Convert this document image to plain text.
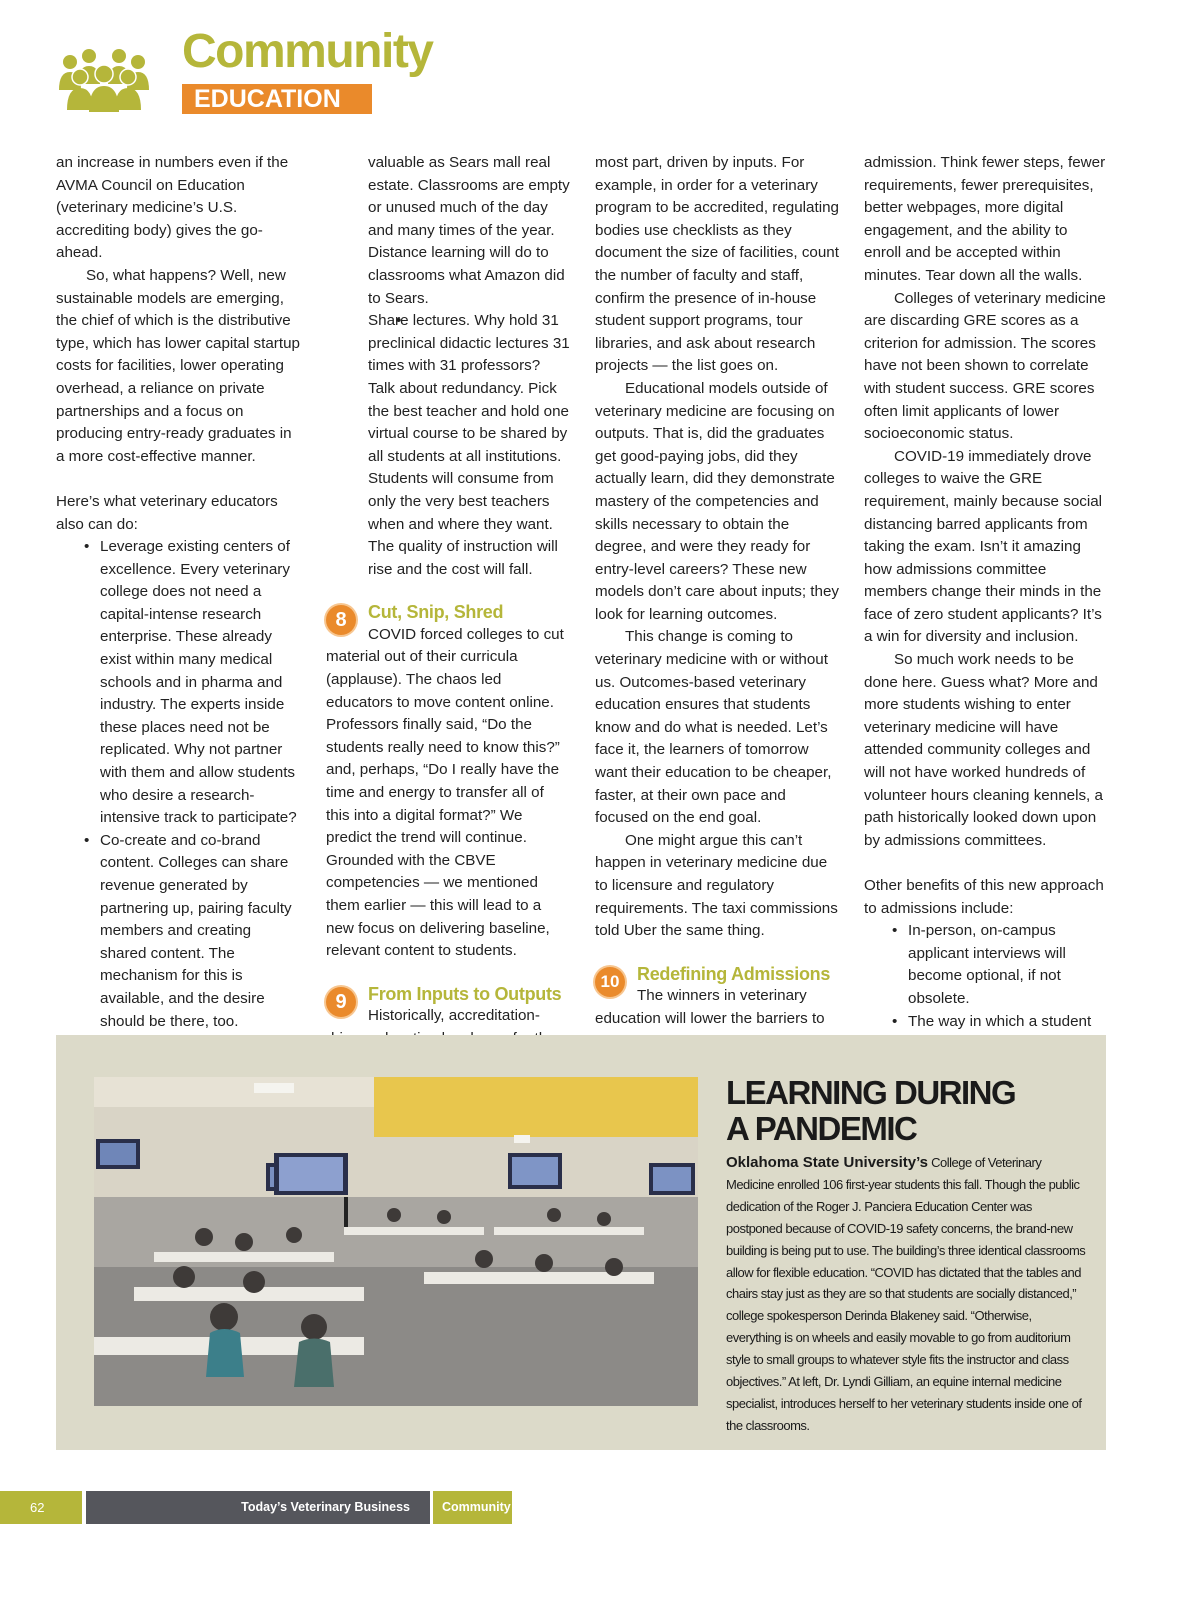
Community
EDUCATION

an increase in numbers even if the AVMA Council on Education (veterinary medicine’s U.S. accrediting body) gives the go-ahead.

So, what happens? Well, new sustainable models are emerging, the chief of which is the distributive type, which has lower capital startup costs for facilities, lower operating overhead, a reliance on private partnerships and a focus on producing entry-ready graduates in a more cost-effective manner.

Here’s what veterinary educators also can do:

• Leverage existing centers of excellence. Every veterinary college does not need a capital-intense research enterprise. These already exist within many medical schools and in pharma and industry. The experts inside these places need not be replicated. Why not partner with them and allow students who desire a research-intensive track to participate?
• Co-create and co-brand content. Colleges can share revenue generated by partnering up, pairing faculty members and creating shared content. The mechanism for this is available, and the desire should be there, too.
•

valuable as Sears mall real estate. Classrooms are empty or unused much of the day and many times of the year. Distance learning will do to classrooms what Amazon did to Sears.

• Share lectures. Why hold 31 preclinical didactic lectures 31 times with 31 professors? Talk about redundancy. Pick the best teacher and hold one virtual course to be shared by all students at all institutions. Students will consume from only the very best teachers when and where they want. The quality of instruction will rise and the cost will fall.
8	Cut, Snip, Shred

COVID forced colleges to cut material out of their curricula (applause). The chaos led educators to move content online. Professors finally said, “Do the students really need to know this?” and, perhaps, “Do I really have the time and energy to transfer all of this into a digital format?” We predict the trend will continue. Grounded with the CBVE competencies — we mentioned them earlier — this will lead to a new focus on delivering baseline, relevant content to students.

9	From Inputs to Outputs

Historically, accreditation-

most part, driven by inputs. For example, in order for a veterinary program to be accredited, regulating bodies use checklists as they document the size of facilities, count the number of faculty and staff, confirm the presence of in-house student support programs, tour libraries, and ask about research projects — the list goes on.

Educational models outside of veterinary medicine are focusing on outputs. That is, did the graduates get good-paying jobs, did they actually learn, did they demonstrate mastery of the competencies and skills necessary to obtain the degree, and were they ready for entry-level careers? These new models don’t care about inputs; they look for learning outcomes.

This change is coming to veterinary medicine with or without us. Outcomes-based veterinary education ensures that students know and do what is needed. Let’s face it, the learners of tomorrow want their education to be cheaper, faster, at their own pace and focused on the end goal.

One might argue this can’t happen in veterinary medicine due to licensure and regulatory requirements. The taxi commissions told Uber the same thing.

10 Redefining Admissions

The winners in veterinary education will lower the barriers to

admission. Think fewer steps, fewer requirements, fewer prerequisites, better webpages, more digital engagement, and the ability to enroll and be accepted within minutes. Tear down all the walls.

Colleges of veterinary medicine are discarding GRE scores as a criterion for admission. The scores have not been shown to correlate with student success. GRE scores often limit applicants of lower socioeconomic status.

COVID-19 immediately drove colleges to waive the GRE requirement, mainly because social distancing barred applicants from taking the exam. Isn’t it amazing how admissions committee members change their minds in the face of zero student applicants? It’s a win for diversity and inclusion.

So much work needs to be done here. Guess what? More and more students wishing to enter veterinary medicine will have attended community colleges and will not have worked hundreds of volunteer hours cleaning kennels, a path historically looked down upon by admissions committees.

Other benefits of this new approach to admissions include:

• In-person, on-campus applicant interviews will become optional, if not obsolete.
• The way in which a student
LEARNING DURING
A PANDEMIC
Oklahoma State University’s College of Veterinary Medicine enrolled 106 first-year students this fall. Though the public dedication of the Roger J. Panciera Education Center was postponed because of COVID-19 safety concerns, the brand-new building is being put to use. The building’s three identical classrooms allow for flexible education. “COVID has dictated that the tables and chairs stay just as they are so that students are socially distanced,” college spokesperson Derinda Blakeney said. “Otherwise, everything is on wheels and easily movable to go from auditorium style to small groups to whatever style fits the instructor and class objectives.” At left, Dr. Lyndi Gilliam, an equine internal medicine specialist, introduces herself to her veterinary students inside one of the classrooms.
62	Today’s Veterinary Business	Community
